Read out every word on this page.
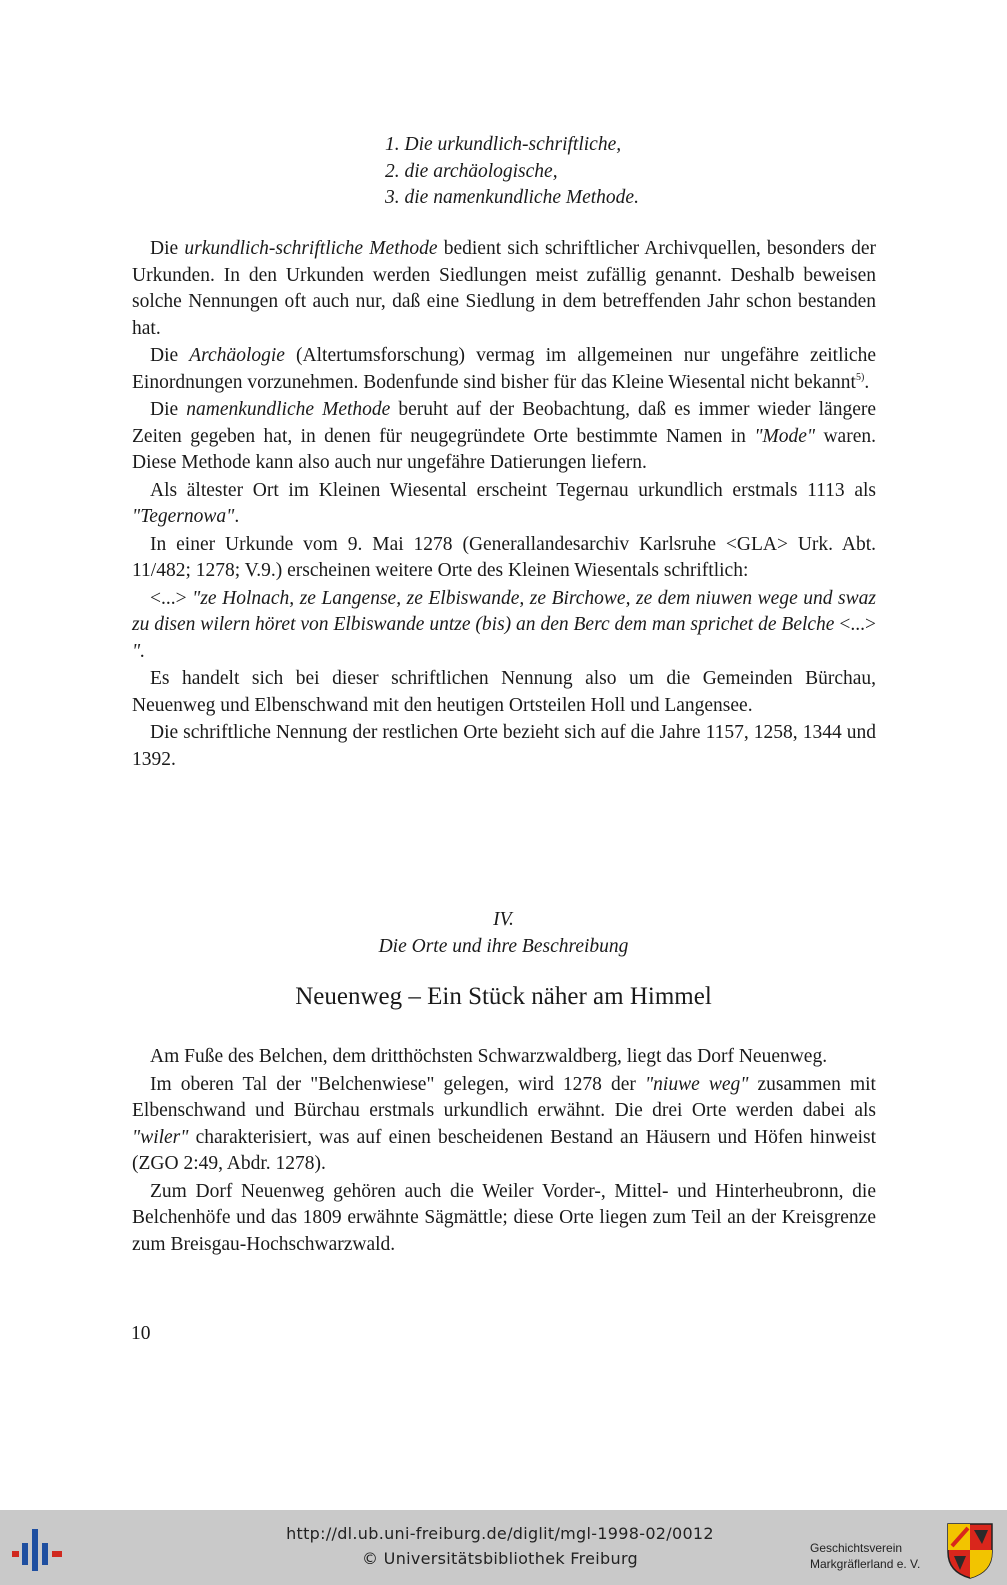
1. Die urkundlich-schriftliche,
2. die archäologische,
3. die namenkundliche Methode.

Die urkundlich-schriftliche Methode bedient sich schriftlicher Archivquellen, besonders der Urkunden. In den Urkunden werden Siedlungen meist zufällig genannt. Deshalb beweisen solche Nennungen oft auch nur, daß eine Siedlung in dem betreffenden Jahr schon bestanden hat.

Die Archäologie (Altertumsforschung) vermag im allgemeinen nur ungefähre zeitliche Einordnungen vorzunehmen. Bodenfunde sind bisher für das Kleine Wiesental nicht bekannt$^{5)}$.

Die namenkundliche Methode beruht auf der Beobachtung, daß es immer wieder längere Zeiten gegeben hat, in denen für neugegründete Orte bestimmte Namen in "Mode" waren. Diese Methode kann also auch nur ungefähre Datierungen liefern.

Als ältester Ort im Kleinen Wiesental erscheint Tegernau urkundlich erstmals 1113 als "Tegernowa".

In einer Urkunde vom 9. Mai 1278 (Generallandesarchiv Karlsruhe <GLA> Urk. Abt. 11/482; 1278; V.9.) erscheinen weitere Orte des Kleinen Wiesentals schriftlich:

<...> "ze Holnach, ze Langense, ze Elbiswande, ze Birchowe, ze dem niuwen wege und swaz zu disen wilern höret von Elbiswande untze (bis) an den Berc dem man sprichet de Belche <...> ".

Es handelt sich bei dieser schriftlichen Nennung also um die Gemeinden Bürchau, Neuenweg und Elbenschwand mit den heutigen Ortsteilen Holl und Langensee.

Die schriftliche Nennung der restlichen Orte bezieht sich auf die Jahre 1157, 1258, 1344 und 1392.

IV.
Die Orte und ihre Beschreibung
Neuenweg – Ein Stück näher am Himmel

Am Fuße des Belchen, dem dritthöchsten Schwarzwaldberg, liegt das Dorf Neuenweg.

Im oberen Tal der "Belchenwiese" gelegen, wird 1278 der "niuwe weg" zusammen mit Elbenschwand und Bürchau erstmals urkundlich erwähnt. Die drei Orte werden dabei als "wiler" charakterisiert, was auf einen bescheidenen Bestand an Häusern und Höfen hinweist (ZGO 2:49, Abdr. 1278).

Zum Dorf Neuenweg gehören auch die Weiler Vorder-, Mittel- und Hinterheubronn, die Belchenhöfe und das 1809 erwähnte Sägmättle; diese Orte liegen zum Teil an der Kreisgrenze zum Breisgau-Hochschwarzwald.

10
http://dl.ub.uni-freiburg.de/diglit/mgl-1998-02/0012
© Universitätsbibliothek Freiburg
Geschichtsverein
Markgräflerland e. V.
